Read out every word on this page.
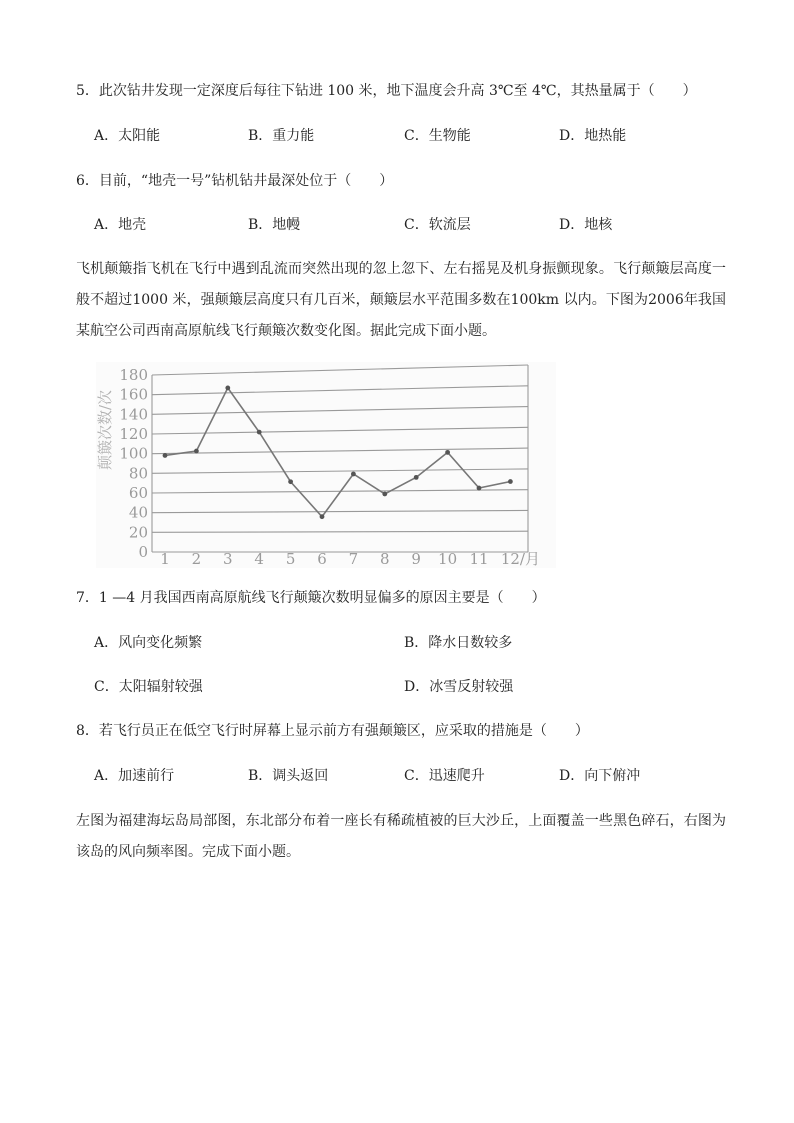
5．此次钻井发现一定深度后每往下钻进 100 米，地下温度会升高 3℃至 4℃，其热量属于（　　）
A．太阳能	B．重力能	C．生物能	D．地热能
6．目前，“地壳一号”钻机钻井最深处位于（　　）
A．地壳	B．地幔	C．软流层	D．地核
飞机颠簸指飞机在飞行中遇到乱流而突然出现的忽上忽下、左右摇晃及机身振颤现象。飞行颠簸层高度一般不超过1000 米，强颠簸层高度只有几百米，颠簸层水平范围多数在100km 以内。下图为2006年我国某航空公司西南高原航线飞行颠簸次数变化图。据此完成下面小题。
0
20
40
60
80
100
120
140
160
180
1 2 3 4 5 6 7 8 9 10 11 12/月
颠簸次数/次
7．1 —4 月我国西南高原航线飞行颠簸次数明显偏多的原因主要是（　　）
A．风向变化频繁	B．降水日数较多
C．太阳辐射较强	D．冰雪反射较强
8．若飞行员正在低空飞行时屏幕上显示前方有强颠簸区，应采取的措施是（　　）
A．加速前行	B．调头返回	C．迅速爬升	D．向下俯冲
左图为福建海坛岛局部图，东北部分布着一座长有稀疏植被的巨大沙丘，上面覆盖一些黑色碎石，右图为该岛的风向频率图。完成下面小题。
